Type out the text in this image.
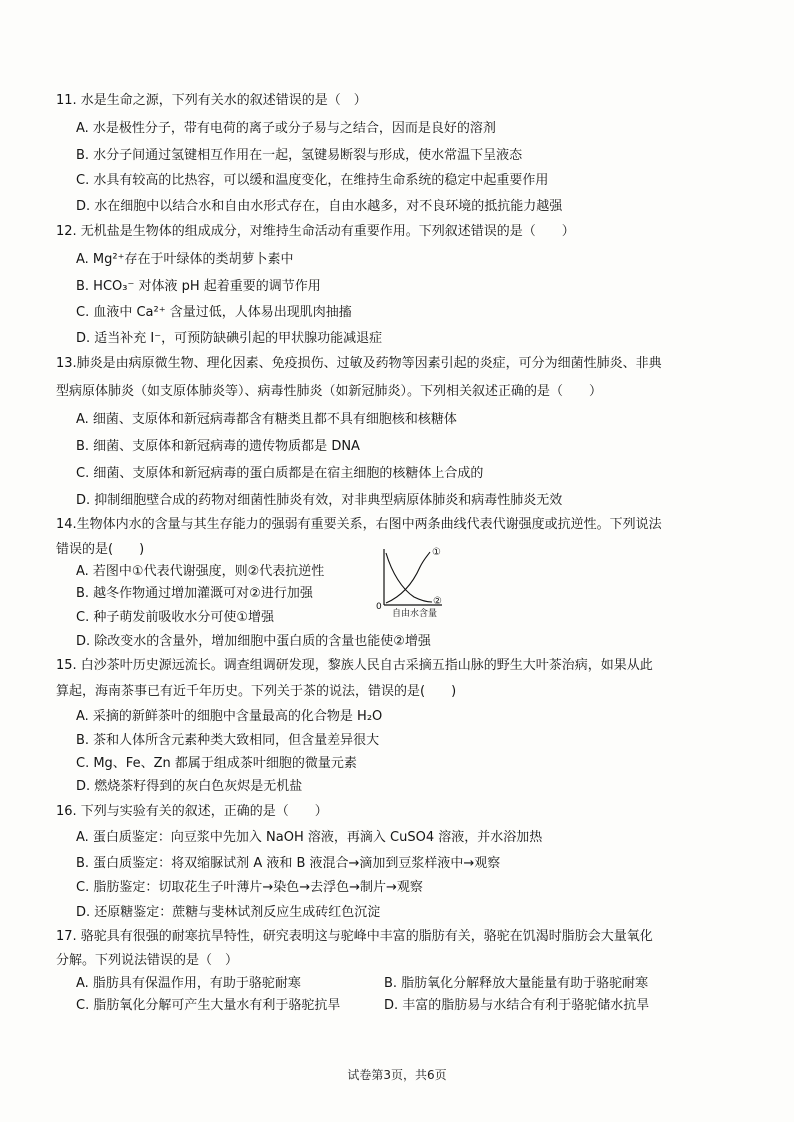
11. 水是生命之源，下列有关水的叙述错误的是（　）
A. 水是极性分子，带有电荷的离子或分子易与之结合，因而是良好的溶剂
B. 水分子间通过氢键相互作用在一起，氢键易断裂与形成，使水常温下呈液态
C. 水具有较高的比热容，可以缓和温度变化，在维持生命系统的稳定中起重要作用
D. 水在细胞中以结合水和自由水形式存在，自由水越多，对不良环境的抵抗能力越强
12. 无机盐是生物体的组成成分，对维持生命活动有重要作用。下列叙述错误的是（　　）
A. Mg²⁺存在于叶绿体的类胡萝卜素中
B. HCO₃⁻ 对体液 pH 起着重要的调节作用
C. 血液中 Ca²⁺ 含量过低，人体易出现肌肉抽搐
D. 适当补充 I⁻，可预防缺碘引起的甲状腺功能减退症
13.肺炎是由病原微生物、理化因素、免疫损伤、过敏及药物等因素引起的炎症，可分为细菌性肺炎、非典
型病原体肺炎（如支原体肺炎等）、病毒性肺炎（如新冠肺炎）。下列相关叙述正确的是（　　）
A. 细菌、支原体和新冠病毒都含有糖类且都不具有细胞核和核糖体
B. 细菌、支原体和新冠病毒的遗传物质都是 DNA
C. 细菌、支原体和新冠病毒的蛋白质都是在宿主细胞的核糖体上合成的
D. 抑制细胞壁合成的药物对细菌性肺炎有效，对非典型病原体肺炎和病毒性肺炎无效
14.生物体内水的含量与其生存能力的强弱有重要关系，右图中两条曲线代表代谢强度或抗逆性。下列说法
错误的是(　　)
A. 若图中①代表代谢强度，则②代表抗逆性
B. 越冬作物通过增加灌溉可对②进行加强
C. 种子萌发前吸收水分可使①增强
D. 除改变水的含量外，增加细胞中蛋白质的含量也能使②增强
①
②
0
自由水含量
15. 白沙茶叶历史源远流长。调查组调研发现，黎族人民自古采摘五指山脉的野生大叶茶治病，如果从此
算起，海南茶事已有近千年历史。下列关于茶的说法，错误的是(　　)
A. 采摘的新鲜茶叶的细胞中含量最高的化合物是 H₂O
B. 茶和人体所含元素种类大致相同，但含量差异很大
C. Mg、Fe、Zn 都属于组成茶叶细胞的微量元素
D. 燃烧茶籽得到的灰白色灰烬是无机盐
16. 下列与实验有关的叙述，正确的是（　　）
A. 蛋白质鉴定：向豆浆中先加入 NaOH 溶液，再滴入 CuSO4 溶液，并水浴加热
B. 蛋白质鉴定：将双缩脲试剂 A 液和 B 液混合→滴加到豆浆样液中→观察
C. 脂肪鉴定：切取花生子叶薄片→染色→去浮色→制片→观察
D. 还原糖鉴定：蔗糖与斐林试剂反应生成砖红色沉淀
17. 骆驼具有很强的耐寒抗旱特性，研究表明这与驼峰中丰富的脂肪有关，骆驼在饥渴时脂肪会大量氧化
分解。下列说法错误的是（　）
A. 脂肪具有保温作用，有助于骆驼耐寒	B. 脂肪氧化分解释放大量能量有助于骆驼耐寒
C. 脂肪氧化分解可产生大量水有利于骆驼抗旱	D. 丰富的脂肪易与水结合有利于骆驼储水抗旱
试卷第3页，共6页
